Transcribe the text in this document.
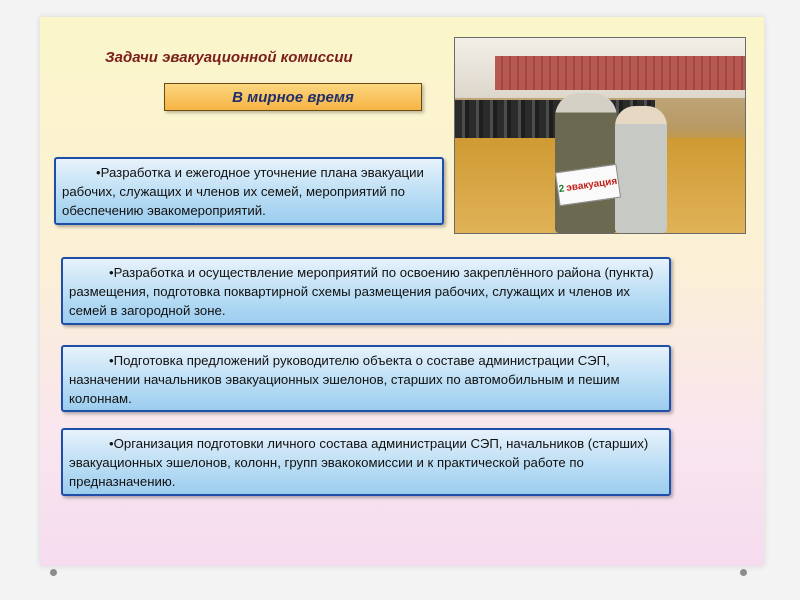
Задачи эвакуационной комиссии
В мирное время
2 эвакуация
•Разработка и ежегодное уточнение плана эвакуации рабочих, служащих и членов их семей, мероприятий по обеспечению эвакомероприятий.
•Разработка и осуществление мероприятий по освоению закреплённого района (пункта) размещения, подготовка поквартирной схемы размещения рабочих, служащих и членов их семей в загородной зоне.
•Подготовка предложений руководителю объекта о составе администрации СЭП, назначении начальников эвакуационных эшелонов, старших по автомобильным и пешим колоннам.
•Организация подготовки личного состава администрации СЭП, начальников (старших) эвакуационных эшелонов, колонн, групп эвакокомиссии и к практической работе по предназначению.
